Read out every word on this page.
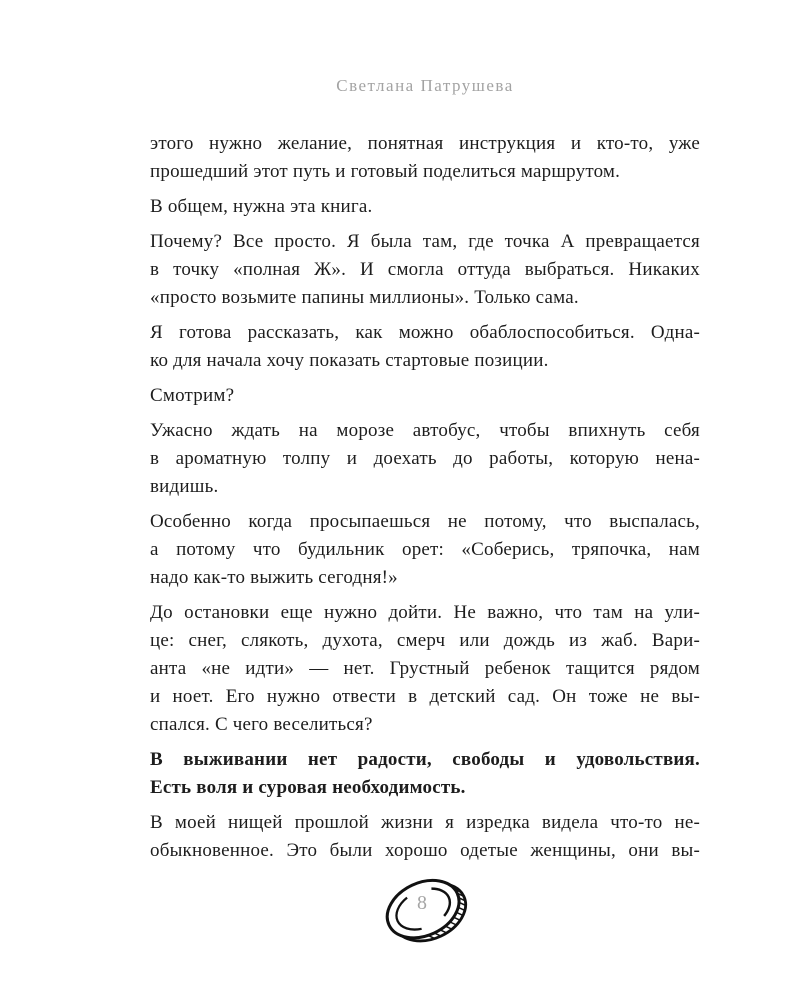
Светлана Патрушева

этого нужно желание, понятная инструкция и кто-то, уже
прошедший этот путь и готовый поделиться маршрутом.

В общем, нужна эта книга.

Почему? Все просто. Я была там, где точка А превращается
в точку «полная Ж». И смогла оттуда выбраться. Никаких
«просто возьмите папины миллионы». Только сама.

Я готова рассказать, как можно обаблоспособиться. Одна-
ко для начала хочу показать стартовые позиции.

Смотрим?

Ужасно ждать на морозе автобус, чтобы впихнуть себя
в ароматную толпу и доехать до работы, которую нена-
видишь.

Особенно когда просыпаешься не потому, что выспалась,
а потому что будильник орет: «Соберись, тряпочка, нам
надо как-то выжить сегодня!»

До остановки еще нужно дойти. Не важно, что там на ули-
це: снег, слякоть, духота, смерч или дождь из жаб. Вари-
анта «не идти» — нет. Грустный ребенок тащится рядом
и ноет. Его нужно отвести в детский сад. Он тоже не вы-
спался. С чего веселиться?

В выживании нет радости, свободы и удовольствия.
Есть воля и суровая необходимость.

В моей нищей прошлой жизни я изредка видела что-то не-
обыкновенное. Это были хорошо одетые женщины, они вы-

8
